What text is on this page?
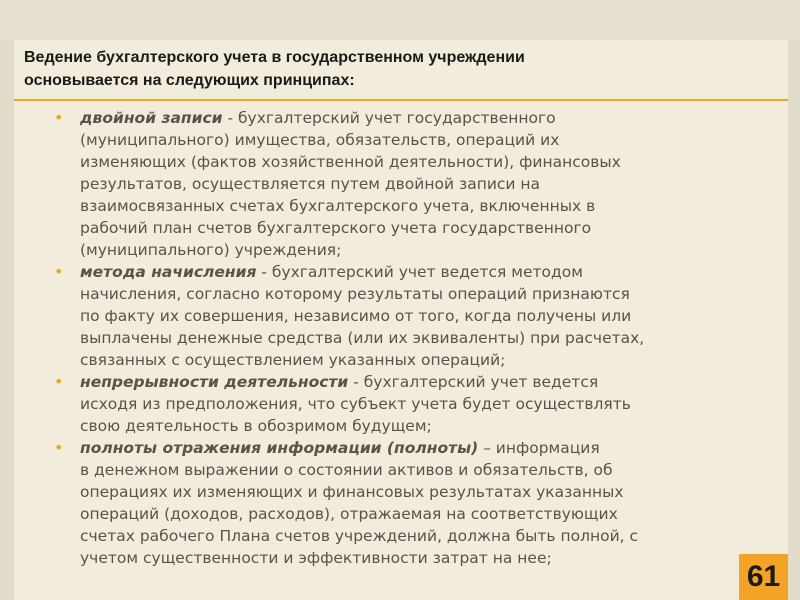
Ведение бухгалтерского учета в государственном учреждении
основывается на следующих принципах:
• двойной записи - бухгалтерский учет государственного
(муниципального) имущества, обязательств, операций их
изменяющих (фактов хозяйственной деятельности), финансовых
результатов, осуществляется путем двойной записи на
взаимосвязанных счетах бухгалтерского учета, включенных в
рабочий план счетов бухгалтерского учета государственного
(муниципального) учреждения;
• метода начисления - бухгалтерский учет ведется методом
начисления, согласно которому результаты операций признаются
по факту их совершения, независимо от того, когда получены или
выплачены денежные средства (или их эквиваленты) при расчетах,
связанных с осуществлением указанных операций;
• непрерывности деятельности - бухгалтерский учет ведется
исходя из предположения, что субъект учета будет осуществлять
свою деятельность в обозримом будущем;
• полноты отражения информации (полноты) – информация
в денежном выражении о состоянии активов и обязательств, об
операциях их изменяющих и финансовых результатах указанных
операций (доходов, расходов), отражаемая на соответствующих
счетах рабочего Плана счетов учреждений, должна быть полной, с
учетом существенности и эффективности затрат на нее;
61
